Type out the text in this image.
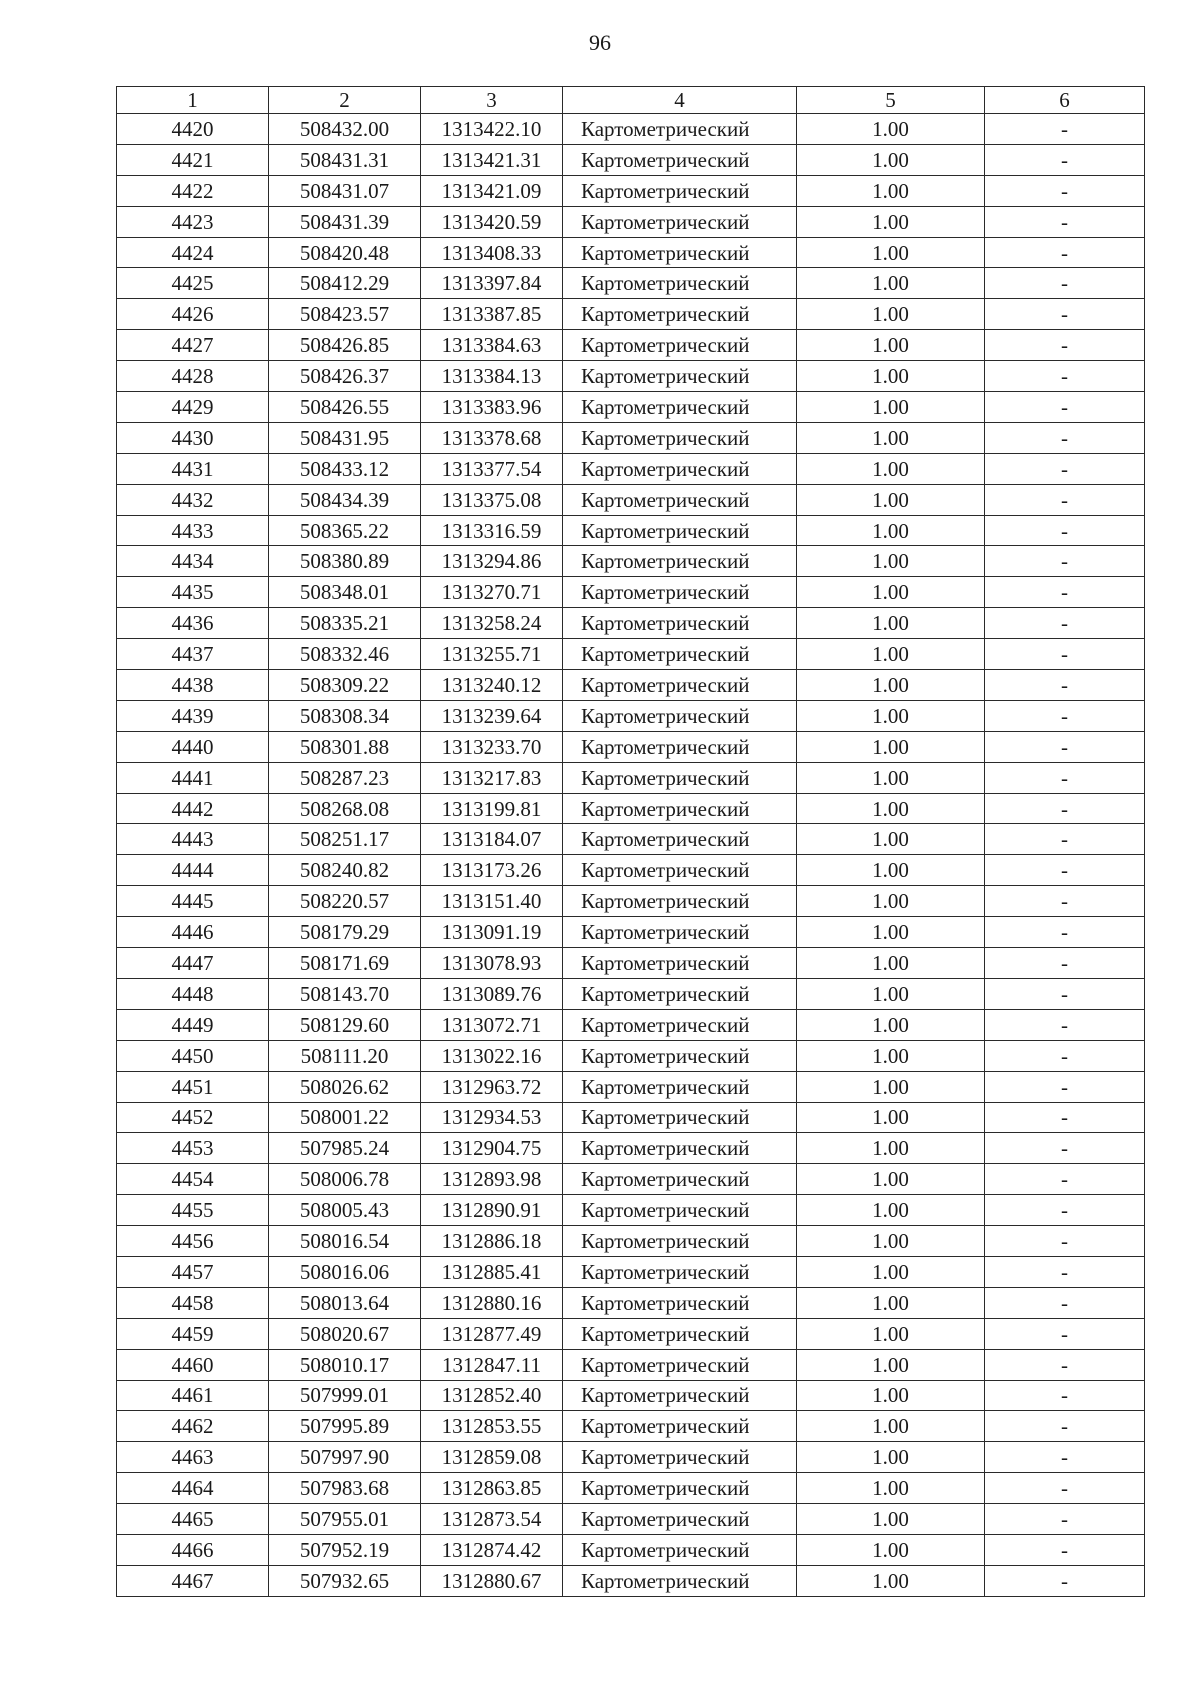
96
1	2	3	4	5	6
4420	508432.00	1313422.10	Картометрический	1.00	-
4421	508431.31	1313421.31	Картометрический	1.00	-
4422	508431.07	1313421.09	Картометрический	1.00	-
4423	508431.39	1313420.59	Картометрический	1.00	-
4424	508420.48	1313408.33	Картометрический	1.00	-
4425	508412.29	1313397.84	Картометрический	1.00	-
4426	508423.57	1313387.85	Картометрический	1.00	-
4427	508426.85	1313384.63	Картометрический	1.00	-
4428	508426.37	1313384.13	Картометрический	1.00	-
4429	508426.55	1313383.96	Картометрический	1.00	-
4430	508431.95	1313378.68	Картометрический	1.00	-
4431	508433.12	1313377.54	Картометрический	1.00	-
4432	508434.39	1313375.08	Картометрический	1.00	-
4433	508365.22	1313316.59	Картометрический	1.00	-
4434	508380.89	1313294.86	Картометрический	1.00	-
4435	508348.01	1313270.71	Картометрический	1.00	-
4436	508335.21	1313258.24	Картометрический	1.00	-
4437	508332.46	1313255.71	Картометрический	1.00	-
4438	508309.22	1313240.12	Картометрический	1.00	-
4439	508308.34	1313239.64	Картометрический	1.00	-
4440	508301.88	1313233.70	Картометрический	1.00	-
4441	508287.23	1313217.83	Картометрический	1.00	-
4442	508268.08	1313199.81	Картометрический	1.00	-
4443	508251.17	1313184.07	Картометрический	1.00	-
4444	508240.82	1313173.26	Картометрический	1.00	-
4445	508220.57	1313151.40	Картометрический	1.00	-
4446	508179.29	1313091.19	Картометрический	1.00	-
4447	508171.69	1313078.93	Картометрический	1.00	-
4448	508143.70	1313089.76	Картометрический	1.00	-
4449	508129.60	1313072.71	Картометрический	1.00	-
4450	508111.20	1313022.16	Картометрический	1.00	-
4451	508026.62	1312963.72	Картометрический	1.00	-
4452	508001.22	1312934.53	Картометрический	1.00	-
4453	507985.24	1312904.75	Картометрический	1.00	-
4454	508006.78	1312893.98	Картометрический	1.00	-
4455	508005.43	1312890.91	Картометрический	1.00	-
4456	508016.54	1312886.18	Картометрический	1.00	-
4457	508016.06	1312885.41	Картометрический	1.00	-
4458	508013.64	1312880.16	Картометрический	1.00	-
4459	508020.67	1312877.49	Картометрический	1.00	-
4460	508010.17	1312847.11	Картометрический	1.00	-
4461	507999.01	1312852.40	Картометрический	1.00	-
4462	507995.89	1312853.55	Картометрический	1.00	-
4463	507997.90	1312859.08	Картометрический	1.00	-
4464	507983.68	1312863.85	Картометрический	1.00	-
4465	507955.01	1312873.54	Картометрический	1.00	-
4466	507952.19	1312874.42	Картометрический	1.00	-
4467	507932.65	1312880.67	Картометрический	1.00	-
